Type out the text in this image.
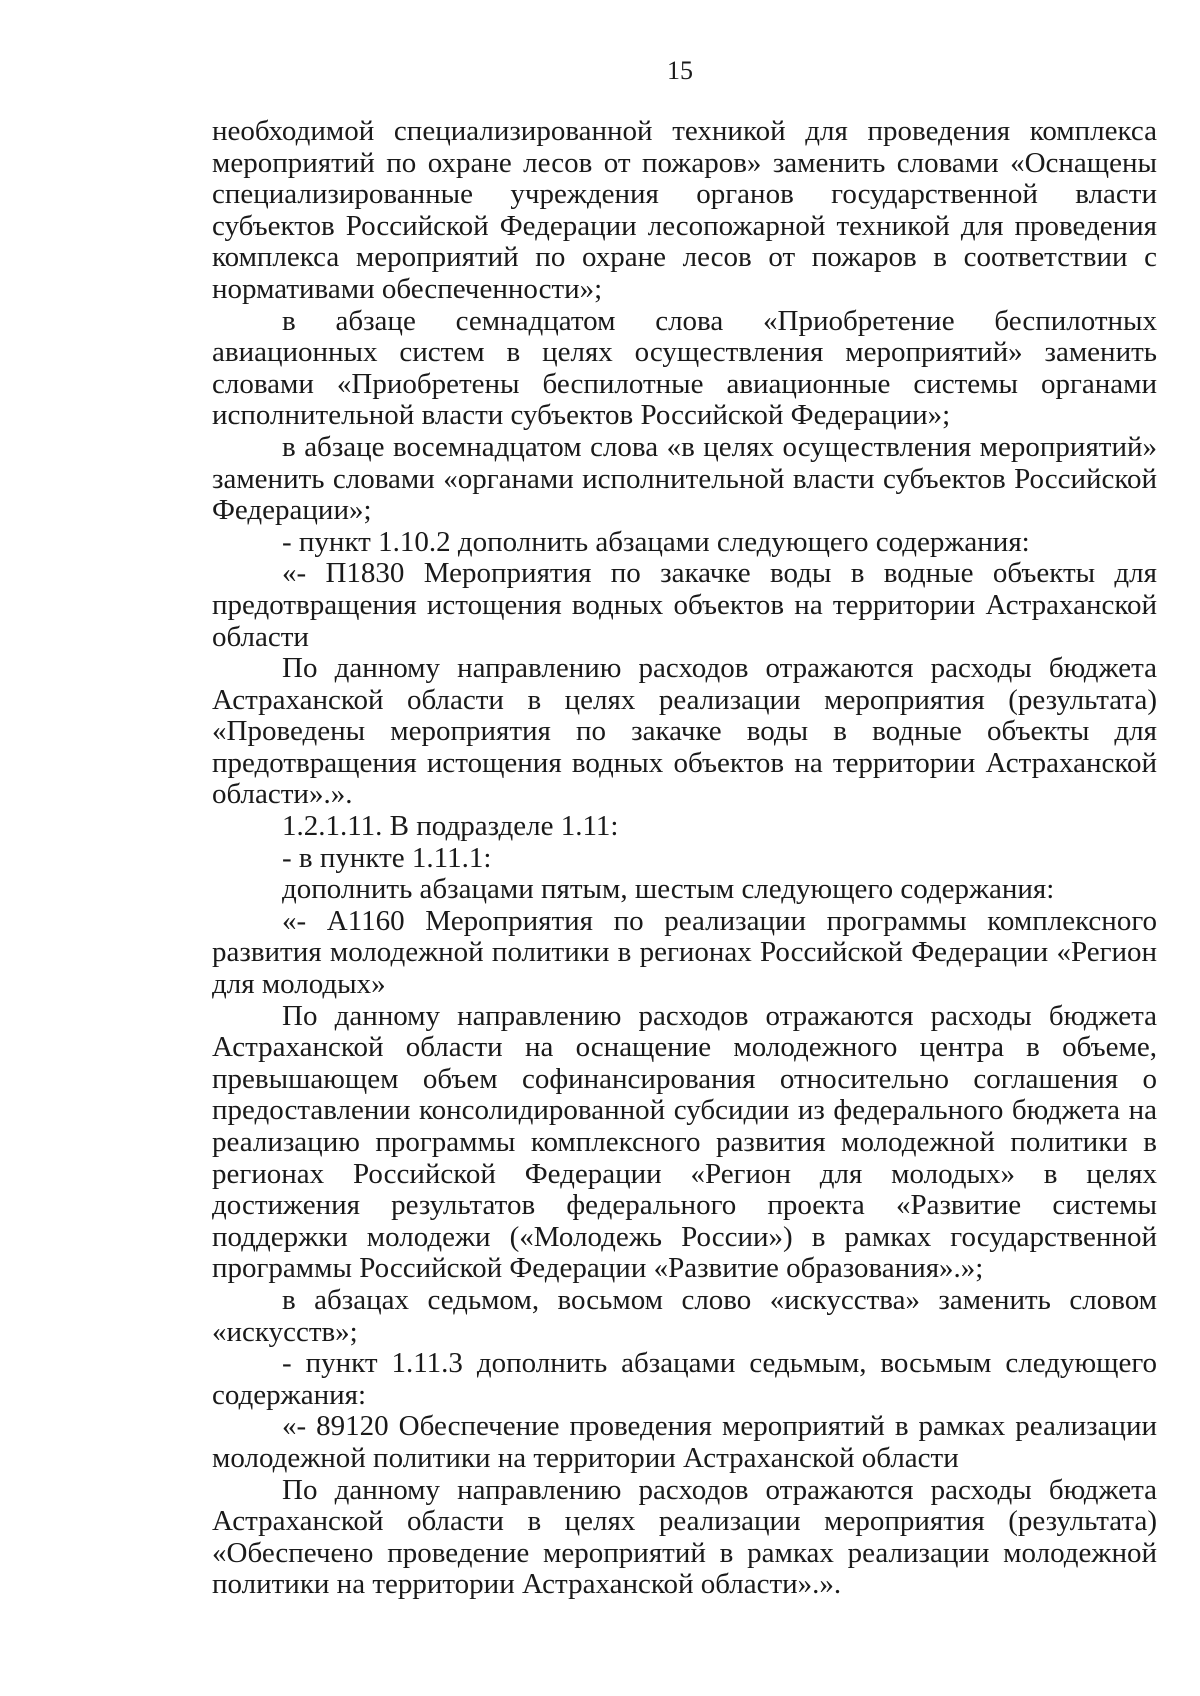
15

необходимой специализированной техникой для проведения комплекса мероприятий по охране лесов от пожаров» заменить словами «Оснащены специализированные учреждения органов государственной власти субъектов Российской Федерации лесопожарной техникой для проведения комплекса мероприятий по охране лесов от пожаров в соответствии с нормативами обеспеченности»;

в абзаце семнадцатом слова «Приобретение беспилотных авиационных систем в целях осуществления мероприятий» заменить словами «Приобретены беспилотные авиационные системы органами исполнительной власти субъектов Российской Федерации»;

в абзаце восемнадцатом слова «в целях осуществления мероприятий» заменить словами «органами исполнительной власти субъектов Российской Федерации»;

- пункт 1.10.2 дополнить абзацами следующего содержания:

«- П1830 Мероприятия по закачке воды в водные объекты для предотвращения истощения водных объектов на территории Астраханской области

По данному направлению расходов отражаются расходы бюджета Астраханской области в целях реализации мероприятия (результата) «Проведены мероприятия по закачке воды в водные объекты для предотвращения истощения водных объектов на территории Астраханской области».».

1.2.1.11. В подразделе 1.11:

- в пункте 1.11.1:

дополнить абзацами пятым, шестым следующего содержания:

«- А1160 Мероприятия по реализации программы комплексного развития молодежной политики в регионах Российской Федерации «Регион для молодых»

По данному направлению расходов отражаются расходы бюджета Астраханской области на оснащение молодежного центра в объеме, превышающем объем софинансирования относительно соглашения о предоставлении консолидированной субсидии из федерального бюджета на реализацию программы комплексного развития молодежной политики в регионах Российской Федерации «Регион для молодых» в целях достижения результатов федерального проекта «Развитие системы поддержки молодежи («Молодежь России») в рамках государственной программы Российской Федерации «Развитие образования».»;

в абзацах седьмом, восьмом слово «искусства» заменить словом «искусств»;

- пункт 1.11.3 дополнить абзацами седьмым, восьмым следующего содержания:

«- 89120 Обеспечение проведения мероприятий в рамках реализации молодежной политики на территории Астраханской области

По данному направлению расходов отражаются расходы бюджета Астраханской области в целях реализации мероприятия (результата) «Обеспечено проведение мероприятий в рамках реализации молодежной политики на территории Астраханской области».».
